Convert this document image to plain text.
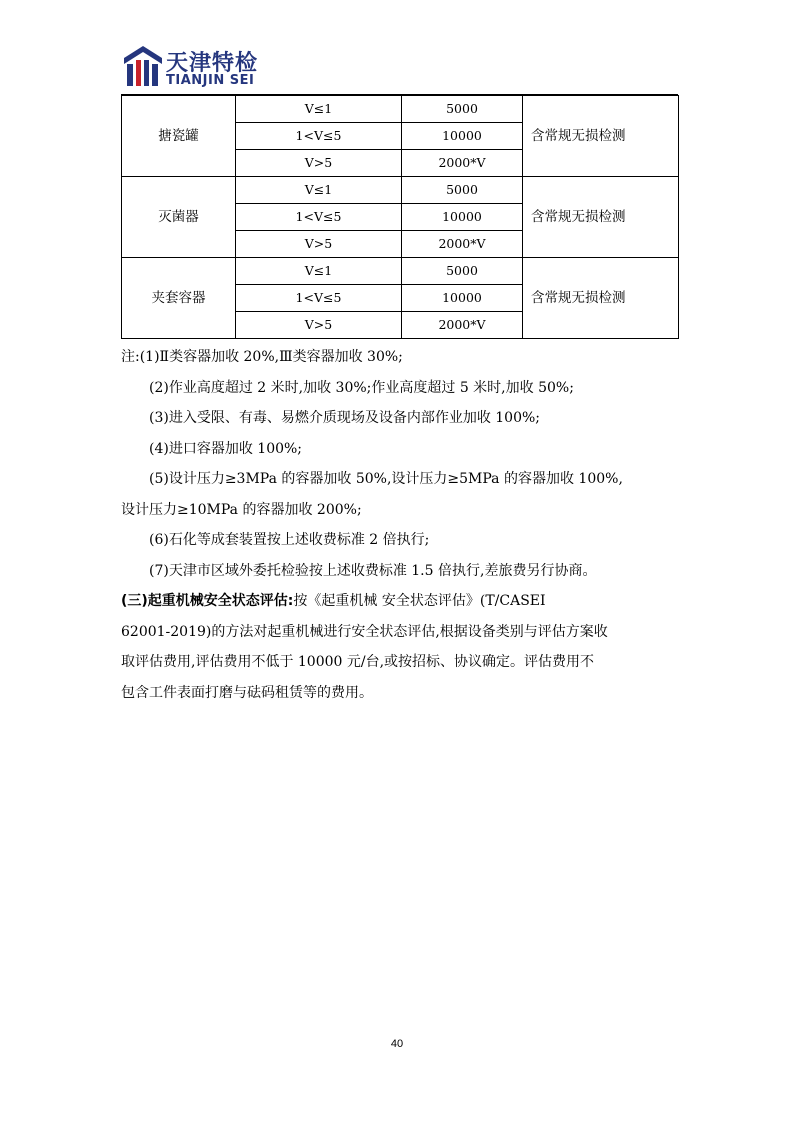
天津特检
TIANJIN SEI
搪瓷罐	V≤1	5000	含常规无损检测
	1<V≤5	10000	
	V>5	2000*V	
灭菌器	V≤1	5000	含常规无损检测
	1<V≤5	10000	
	V>5	2000*V	
夹套容器	V≤1	5000	含常规无损检测
	1<V≤5	10000	
	V>5	2000*V	

注:(1)Ⅱ类容器加收 20%,Ⅲ类容器加收 30%;

(2)作业高度超过 2 米时,加收 30%;作业高度超过 5 米时,加收 50%;

(3)进入受限、有毒、易燃介质现场及设备内部作业加收 100%;

(4)进口容器加收 100%;

(5)设计压力≥3MPa 的容器加收 50%,设计压力≥5MPa 的容器加收 100%,

设计压力≥10MPa 的容器加收 200%;

(6)石化等成套装置按上述收费标准 2 倍执行;

(7)天津市区域外委托检验按上述收费标准 1.5 倍执行,差旅费另行协商。

(三)起重机械安全状态评估:按《起重机械 安全状态评估》(T/CASEI

62001-2019)的方法对起重机械进行安全状态评估,根据设备类别与评估方案收

取评估费用,评估费用不低于 10000 元/台,或按招标、协议确定。评估费用不

包含工件表面打磨与砝码租赁等的费用。

40
